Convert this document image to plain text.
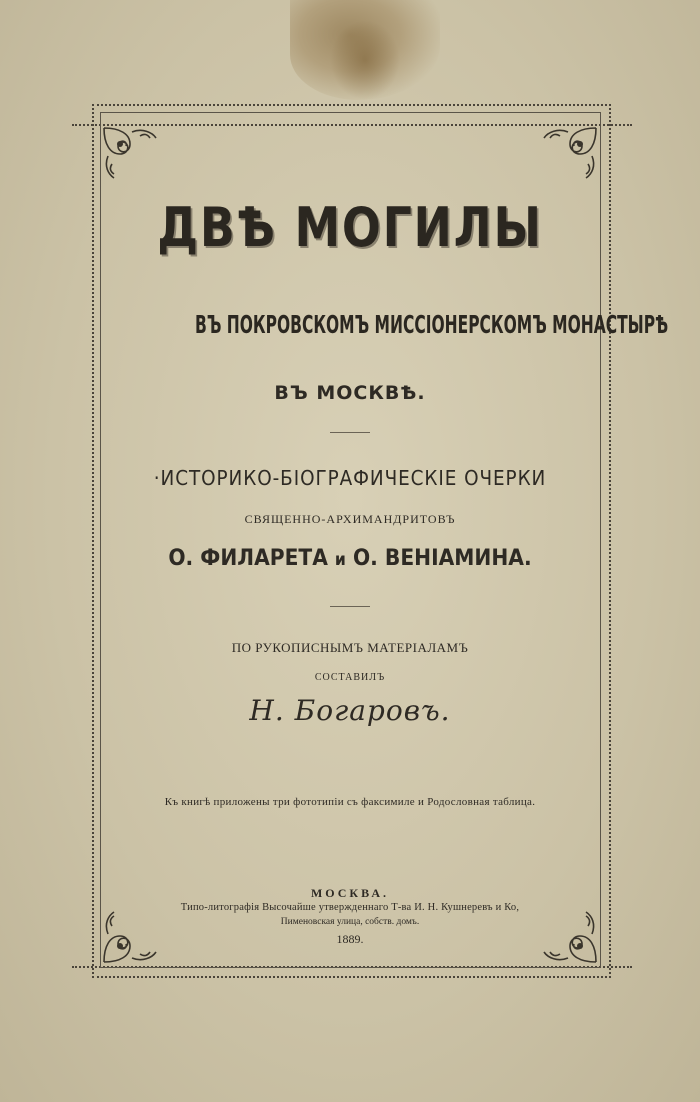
ДВѢ МОГИЛЫ
ВЪ ПОКРОВСКОМЪ МИССІОНЕРСКОМЪ МОНАСТЫРѢ
ВЪ МОСКВѢ.
·ИСТОРИКО-БІОГРАФИЧЕСКІЕ ОЧЕРКИ
СВЯЩЕННО-АРХИМАНДРИТОВЪ
О. ФИЛАРЕТА и О. ВЕНІАМИНА.
ПО РУКОПИСНЫМЪ МАТЕРІАЛАМЪ
СОСТАВИЛЪ
Н. Богаровъ.
Къ книгѣ приложены три фототипіи съ факсимиле и Родословная таблица.
МОСКВА.
Типо-литографія Высочайше утвержденнаго Т-ва И. Н. Кушнеревъ и Ко,
Пименовская улица, собств. домъ.
1889.
